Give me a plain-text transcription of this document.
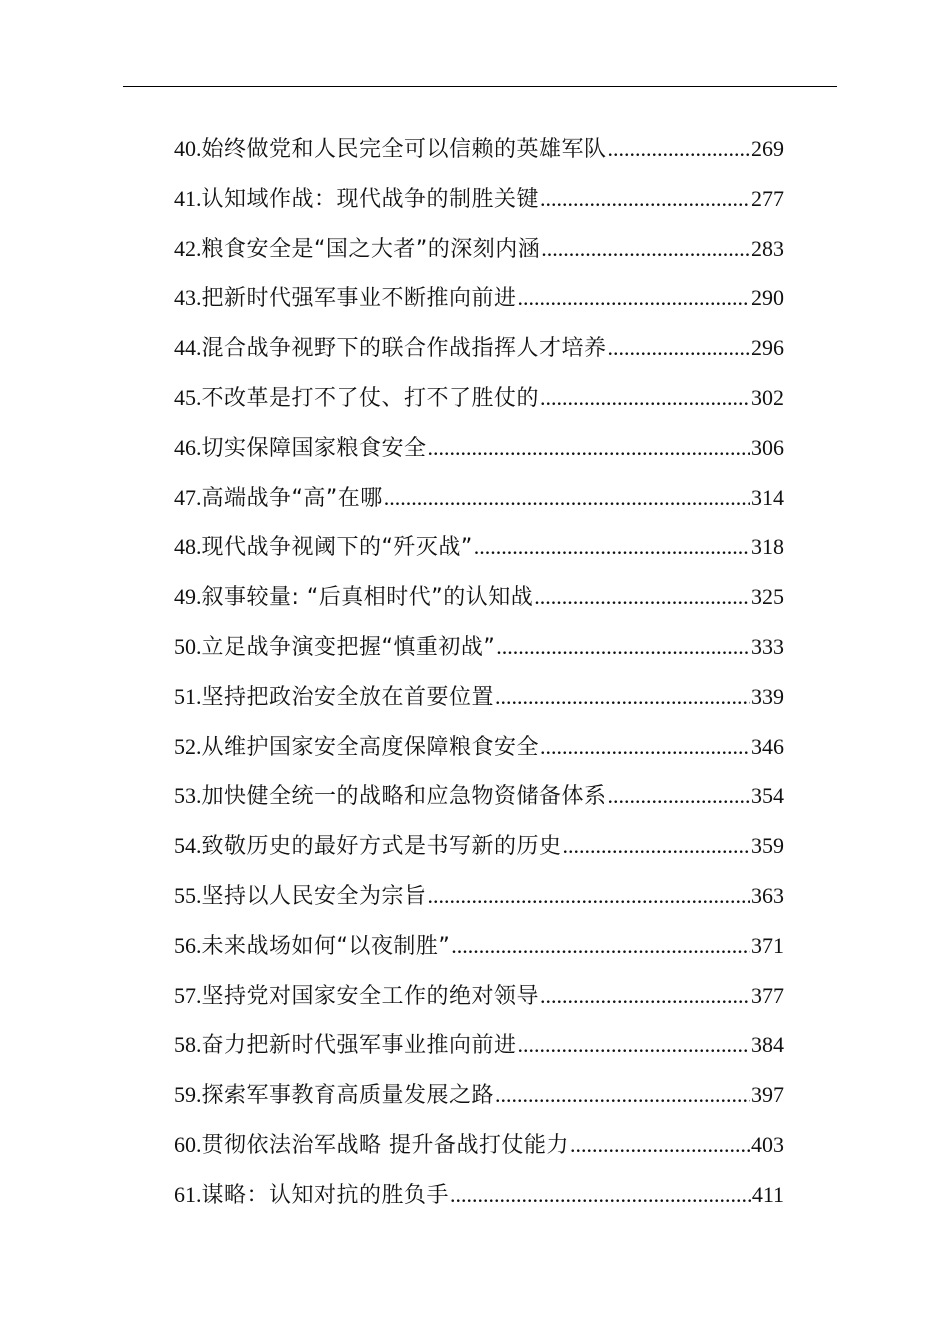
40. 始终做党和人民完全可以信赖的英雄军队 .....	269
41. 认知域作战：现代战争的制胜关键 .....	277
42. 粮食安全是“国之大者”的深刻内涵 .....	283
43. 把新时代强军事业不断推向前进 .....	290
44. 混合战争视野下的联合作战指挥人才培养 .....	296
45. 不改革是打不了仗、打不了胜仗的 .....	302
46. 切实保障国家粮食安全 .....	306
47. 高端战争“高”在哪 .....	314
48. 现代战争视阈下的“歼灭战” .....	318
49. 叙事较量: “后真相时代”的认知战 .....	325
50. 立足战争演变把握“慎重初战” .....	333
51. 坚持把政治安全放在首要位置 .....	339
52. 从维护国家安全高度保障粮食安全 .....	346
53. 加快健全统一的战略和应急物资储备体系 .....	354
54. 致敬历史的最好方式是书写新的历史 .....	359
55. 坚持以人民安全为宗旨 .....	363
56. 未来战场如何“以夜制胜” .....	371
57. 坚持党对国家安全工作的绝对领导 .....	377
58. 奋力把新时代强军事业推向前进 .....	384
59. 探索军事教育高质量发展之路 .....	397
60. 贯彻依法治军战略 提升备战打仗能力 .....	403
61. 谋略：认知对抗的胜负手 .....	411
